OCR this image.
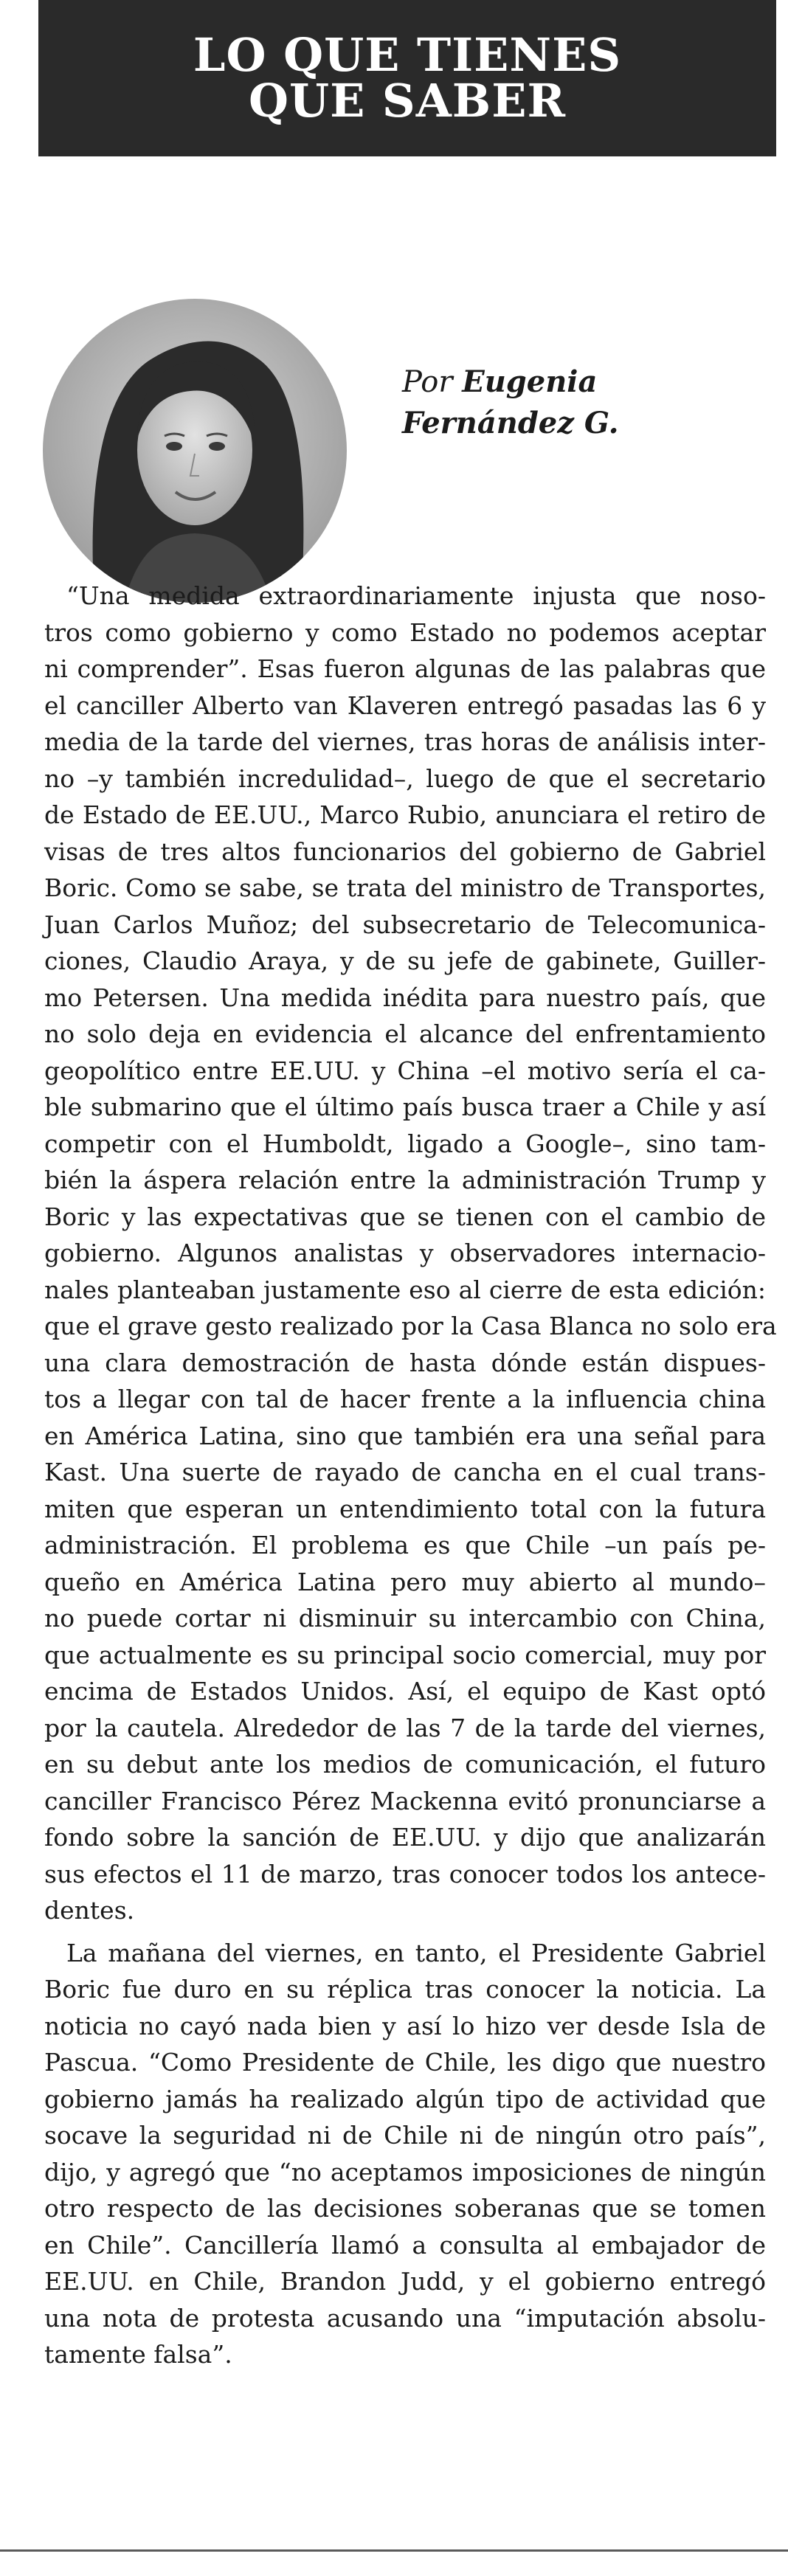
LO QUE TIENES
QUE SABER
Por Eugenia
Fernández G.
“Una medida extraordinariamente injusta que noso-
tros como gobierno y como Estado no podemos aceptar
ni comprender”. Esas fueron algunas de las palabras que
el canciller Alberto van Klaveren entregó pasadas las 6 y
media de la tarde del viernes, tras horas de análisis inter-
no –y también incredulidad–, luego de que el secretario
de Estado de EE.UU., Marco Rubio, anunciara el retiro de
visas de tres altos funcionarios del gobierno de Gabriel
Boric. Como se sabe, se trata del ministro de Transportes,
Juan Carlos Muñoz; del subsecretario de Telecomunica-
ciones, Claudio Araya, y de su jefe de gabinete, Guiller-
mo Petersen. Una medida inédita para nuestro país, que
no solo deja en evidencia el alcance del enfrentamiento
geopolítico entre EE.UU. y China –el motivo sería el ca-
ble submarino que el último país busca traer a Chile y así
competir con el Humboldt, ligado a Google–, sino tam-
bién la áspera relación entre la administración Trump y
Boric y las expectativas que se tienen con el cambio de
gobierno. Algunos analistas y observadores internacio-
nales planteaban justamente eso al cierre de esta edición:
que el grave gesto realizado por la Casa Blanca no solo era
una clara demostración de hasta dónde están dispues-
tos a llegar con tal de hacer frente a la influencia china
en América Latina, sino que también era una señal para
Kast. Una suerte de rayado de cancha en el cual trans-
miten que esperan un entendimiento total con la futura
administración. El problema es que Chile –un país pe-
queño en América Latina pero muy abierto al mundo–
no puede cortar ni disminuir su intercambio con China,
que actualmente es su principal socio comercial, muy por
encima de Estados Unidos. Así, el equipo de Kast optó
por la cautela. Alrededor de las 7 de la tarde del viernes,
en su debut ante los medios de comunicación, el futuro
canciller Francisco Pérez Mackenna evitó pronunciarse a
fondo sobre la sanción de EE.UU. y dijo que analizarán
sus efectos el 11 de marzo, tras conocer todos los antece-
dentes.
La mañana del viernes, en tanto, el Presidente Gabriel
Boric fue duro en su réplica tras conocer la noticia. La
noticia no cayó nada bien y así lo hizo ver desde Isla de
Pascua. “Como Presidente de Chile, les digo que nuestro
gobierno jamás ha realizado algún tipo de actividad que
socave la seguridad ni de Chile ni de ningún otro país”,
dijo, y agregó que “no aceptamos imposiciones de ningún
otro respecto de las decisiones soberanas que se tomen
en Chile”. Cancillería llamó a consulta al embajador de
EE.UU. en Chile, Brandon Judd, y el gobierno entregó
una nota de protesta acusando una “imputación absolu-
tamente falsa”.
